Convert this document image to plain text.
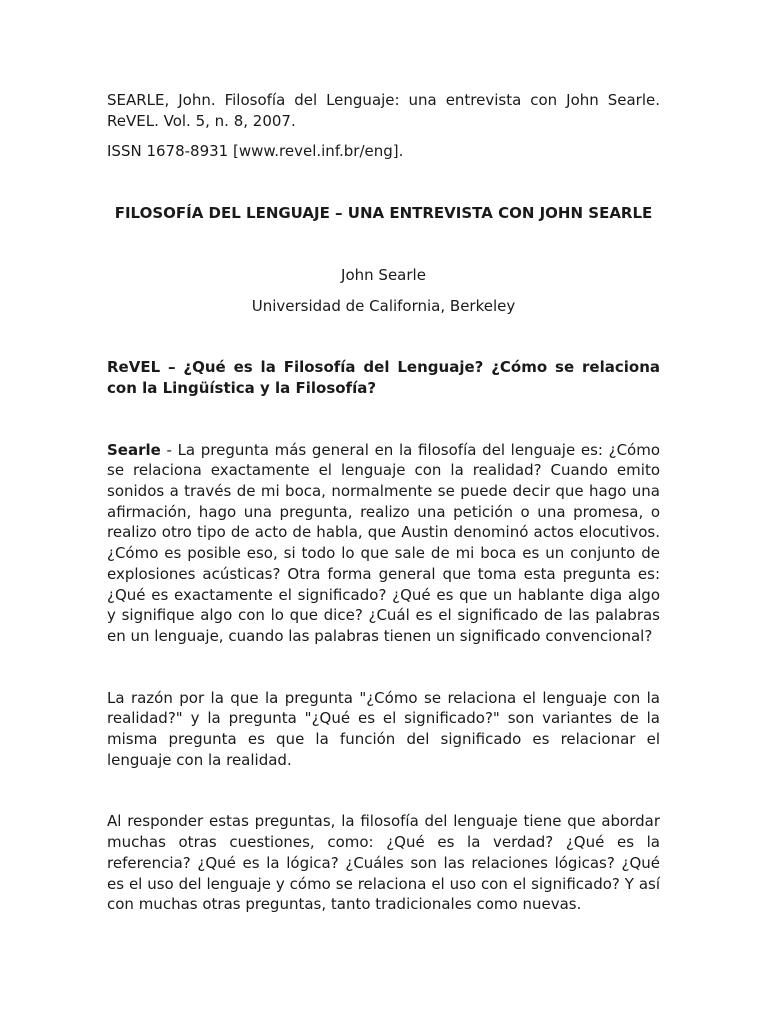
SEARLE, John. Filosofía del Lenguaje: una entrevista con John Searle. ReVEL. Vol. 5, n. 8, 2007.

ISSN 1678-8931 [www.revel.inf.br/eng].

FILOSOFÍA DEL LENGUAJE – UNA ENTREVISTA CON JOHN SEARLE

John Searle

Universidad de California, Berkeley

ReVEL – ¿Qué es la Filosofía del Lenguaje? ¿Cómo se relaciona con la Lingüística y la Filosofía?

Searle - La pregunta más general en la filosofía del lenguaje es: ¿Cómo se relaciona exactamente el lenguaje con la realidad? Cuando emito sonidos a través de mi boca, normalmente se puede decir que hago una afirmación, hago una pregunta, realizo una petición o una promesa, o realizo otro tipo de acto de habla, que Austin denominó actos elocutivos. ¿Cómo es posible eso, si todo lo que sale de mi boca es un conjunto de explosiones acústicas? Otra forma general que toma esta pregunta es: ¿Qué es exactamente el significado? ¿Qué es que un hablante diga algo y signifique algo con lo que dice? ¿Cuál es el significado de las palabras en un lenguaje, cuando las palabras tienen un significado convencional?

La razón por la que la pregunta "¿Cómo se relaciona el lenguaje con la realidad?" y la pregunta "¿Qué es el significado?" son variantes de la misma pregunta es que la función del significado es relacionar el lenguaje con la realidad.

Al responder estas preguntas, la filosofía del lenguaje tiene que abordar muchas otras cuestiones, como: ¿Qué es la verdad? ¿Qué es la referencia? ¿Qué es la lógica? ¿Cuáles son las relaciones lógicas? ¿Qué es el uso del lenguaje y cómo se relaciona el uso con el significado? Y así con muchas otras preguntas, tanto tradicionales como nuevas.
